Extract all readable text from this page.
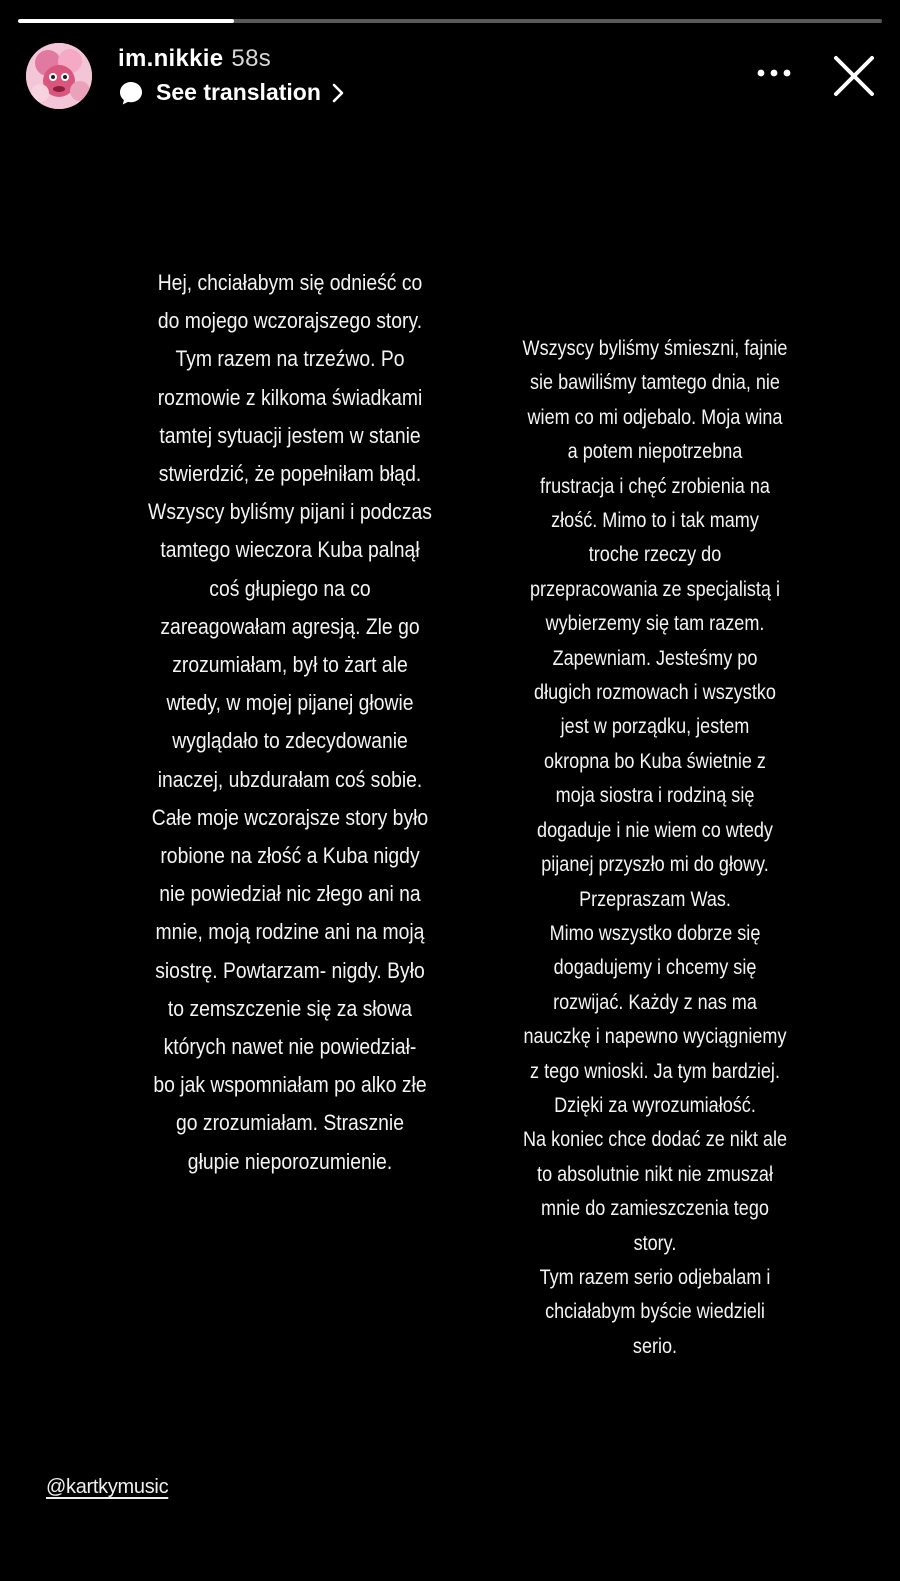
im.nikkie 58s
See translation
Hej, chciałabym się odnieść co
do mojego wczorajszego story.
Tym razem na trzeźwo. Po
rozmowie z kilkoma świadkami
tamtej sytuacji jestem w stanie
stwierdzić, że popełniłam błąd.
Wszyscy byliśmy pijani i podczas
tamtego wieczora Kuba palnął
coś głupiego na co
zareagowałam agresją. Zle go
zrozumiałam, był to żart ale
wtedy, w mojej pijanej głowie
wyglądało to zdecydowanie
inaczej, ubzdurałam coś sobie.
Całe moje wczorajsze story było
robione na złość a Kuba nigdy
nie powiedział nic złego ani na
mnie, moją rodzine ani na moją
siostrę. Powtarzam- nigdy. Było
to zemszczenie się za słowa
których nawet nie powiedział-
bo jak wspomniałam po alko złe
go zrozumiałam. Strasznie
głupie nieporozumienie.
Wszyscy byliśmy śmieszni, fajnie
sie bawiliśmy tamtego dnia, nie
wiem co mi odjebalo. Moja wina
a potem niepotrzebna
frustracja i chęć zrobienia na
złość. Mimo to i tak mamy
troche rzeczy do
przepracowania ze specjalistą i
wybierzemy się tam razem.
Zapewniam. Jesteśmy po
długich rozmowach i wszystko
jest w porządku, jestem
okropna bo Kuba świetnie z
moja siostra i rodziną się
dogaduje i nie wiem co wtedy
pijanej przyszło mi do głowy.
Przepraszam Was.
Mimo wszystko dobrze się
dogadujemy i chcemy się
rozwijać. Każdy z nas ma
nauczkę i napewno wyciągniemy
z tego wnioski. Ja tym bardziej.
Dzięki za wyrozumiałość.
Na koniec chce dodać ze nikt ale
to absolutnie nikt nie zmuszał
mnie do zamieszczenia tego
story.
Tym razem serio odjebalam i
chciałabym byście wiedzieli
serio.
@kartkymusic
